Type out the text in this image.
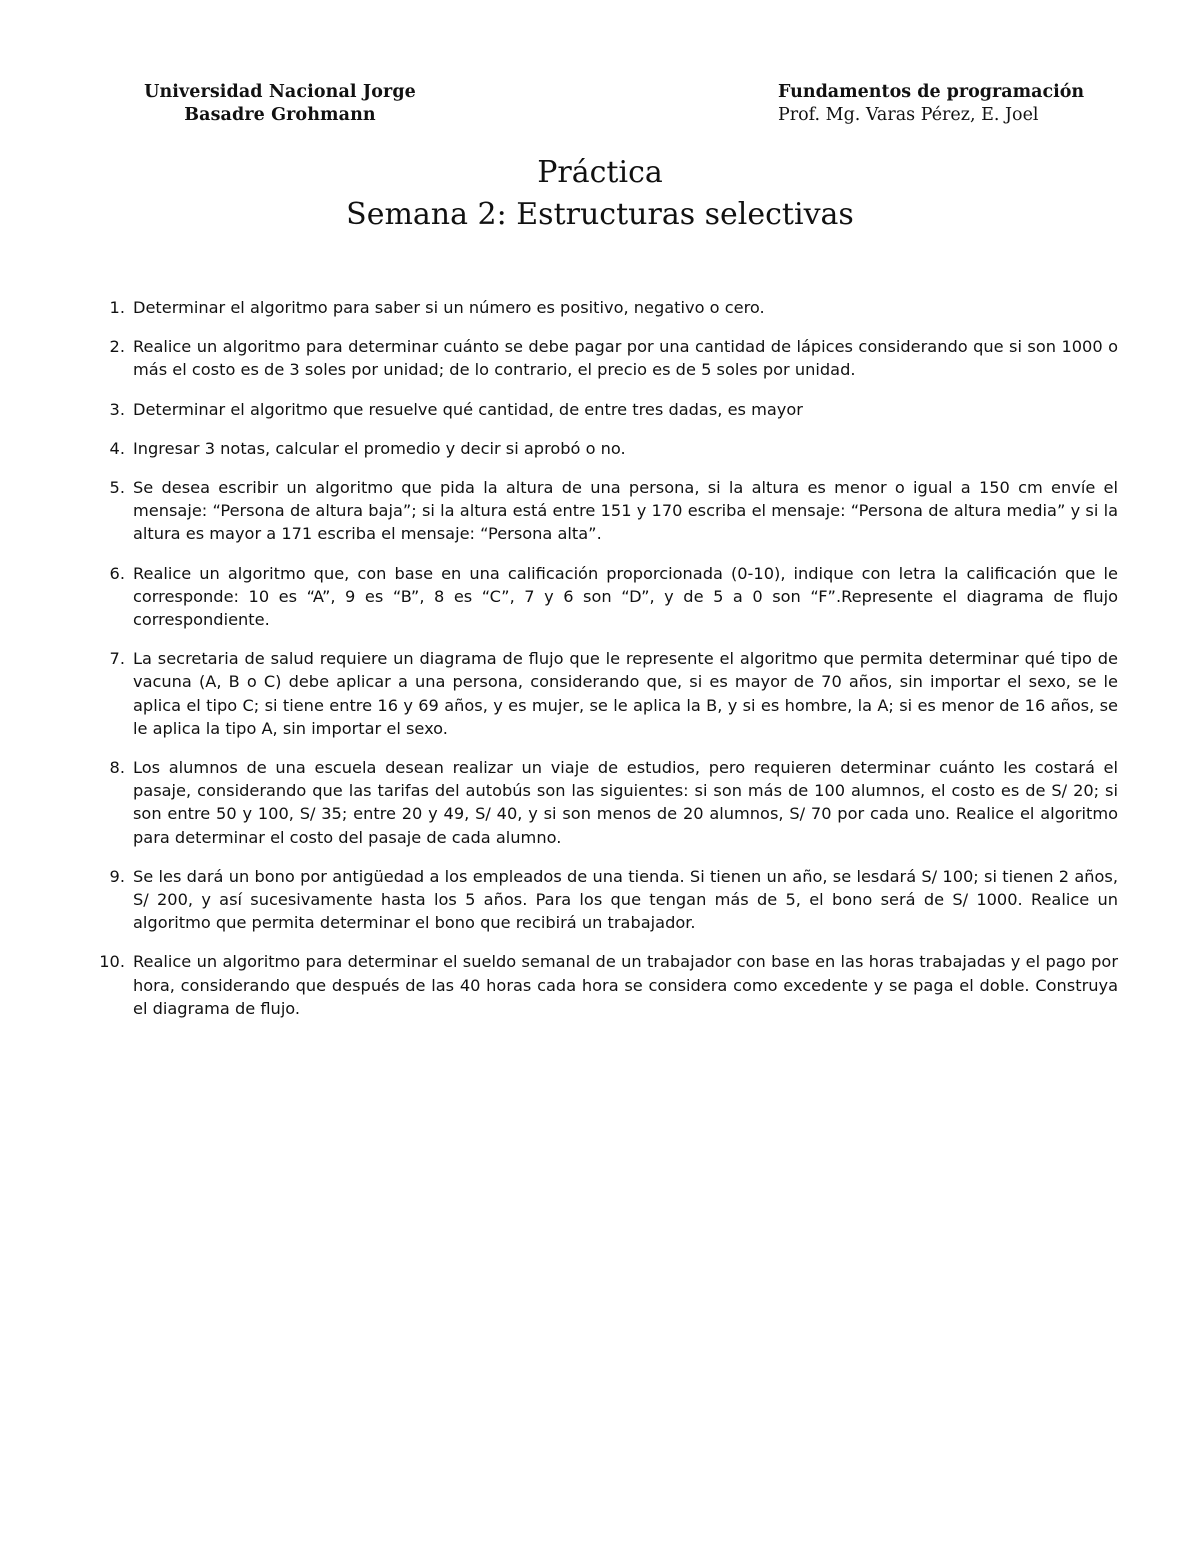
Universidad Nacional Jorge
Basadre Grohmann
Fundamentos de programación
Prof. Mg. Varas Pérez, E. Joel
Práctica
Semana 2: Estructuras selectivas
1. Determinar el algoritmo para saber si un número es positivo, negativo o cero.
2. Realice un algoritmo para determinar cuánto se debe pagar por una cantidad de lápices considerando que si son 1000 o más el costo es de 3 soles por unidad; de lo contrario, el precio es de 5 soles por unidad.
3. Determinar el algoritmo que resuelve qué cantidad, de entre tres dadas, es mayor
4. Ingresar 3 notas, calcular el promedio y decir si aprobó o no.
5. Se desea escribir un algoritmo que pida la altura de una persona, si la altura es menor o igual a 150 cm envíe el mensaje: “Persona de altura baja”; si la altura está entre 151 y 170 escriba el mensaje: “Persona de altura media” y si la altura es mayor a 171 escriba el mensaje: “Persona alta”.
6. Realice un algoritmo que, con base en una calificación proporcionada (0-10), indique con letra la calificación que le corresponde: 10 es “A”, 9 es “B”, 8 es “C”, 7 y 6 son “D”, y de 5 a 0 son “F”.Represente el diagrama de flujo correspondiente.
7. La secretaria de salud requiere un diagrama de flujo que le represente el algoritmo que permita determinar qué tipo de vacuna (A, B o C) debe aplicar a una persona, considerando que, si es mayor de 70 años, sin importar el sexo, se le aplica el tipo C; si tiene entre 16 y 69 años, y es mujer, se le aplica la B, y si es hombre, la A; si es menor de 16 años, se le aplica la tipo A, sin importar el sexo.
8. Los alumnos de una escuela desean realizar un viaje de estudios, pero requieren determinar cuánto les costará el pasaje, considerando que las tarifas del autobús son las siguientes: si son más de 100 alumnos, el costo es de S/ 20; si son entre 50 y 100, S/ 35; entre 20 y 49, S/ 40, y si son menos de 20 alumnos, S/ 70 por cada uno. Realice el algoritmo para determinar el costo del pasaje de cada alumno.
9. Se les dará un bono por antigüedad a los empleados de una tienda. Si tienen un año, se lesdará S/ 100; si tienen 2 años, S/ 200, y así sucesivamente hasta los 5 años. Para los que tengan más de 5, el bono será de S/ 1000. Realice un algoritmo que permita determinar el bono que recibirá un trabajador.
10. Realice un algoritmo para determinar el sueldo semanal de un trabajador con base en las horas trabajadas y el pago por hora, considerando que después de las 40 horas cada hora se considera como excedente y se paga el doble. Construya el diagrama de flujo.
